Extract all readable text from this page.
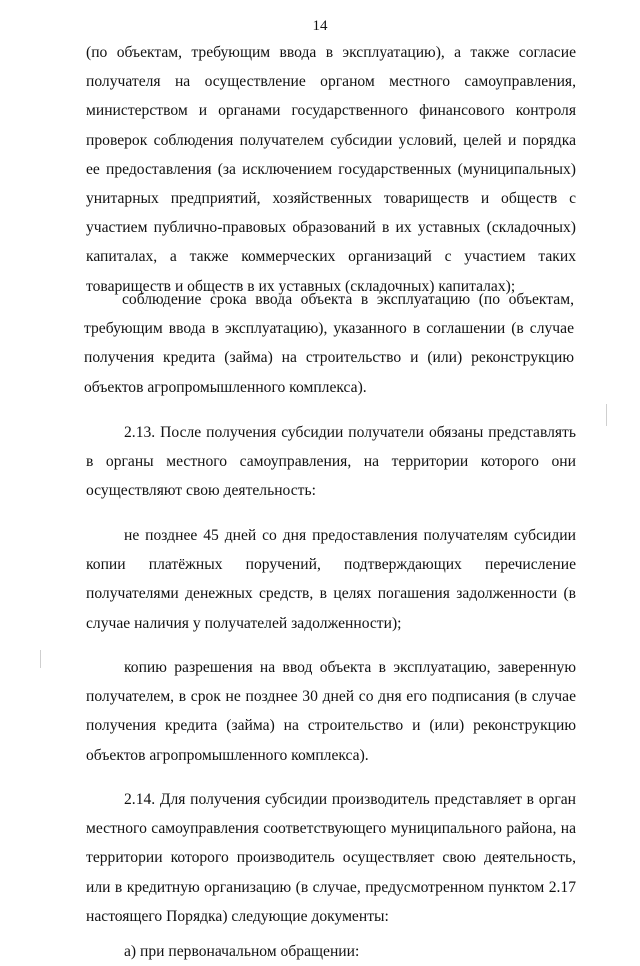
14

(по объектам, требующим ввода в эксплуатацию), а также согласие получателя на осуществление органом местного самоуправления, министерством и органами государственного финансового контроля проверок соблюдения получателем субсидии условий, целей и порядка ее предоставления (за исключением государственных (муниципальных) унитарных предприятий, хозяйственных товариществ и обществ с участием публично-правовых образований в их уставных (складочных) капиталах, а также коммерческих организаций с участием таких товариществ и обществ в их уставных (складочных) капиталах);

соблюдение срока ввода объекта в эксплуатацию (по объектам, требующим ввода в эксплуатацию), указанного в соглашении (в случае получения кредита (займа) на строительство и (или) реконструкцию объектов агропромышленного комплекса).

2.13. После получения субсидии получатели обязаны представлять в органы местного самоуправления, на территории которого они осуществляют свою деятельность:

не позднее 45 дней со дня предоставления получателям субсидии копии платёжных поручений, подтверждающих перечисление получателями денежных средств, в целях погашения задолженности (в случае наличия у получателей задолженности);

копию разрешения на ввод объекта в эксплуатацию, заверенную получателем, в срок не позднее 30 дней со дня его подписания (в случае получения кредита (займа) на строительство и (или) реконструкцию объектов агропромышленного комплекса).

2.14. Для получения субсидии производитель представляет в орган местного самоуправления соответствующего муниципального района, на территории которого производитель осуществляет свою деятельность, или в кредитную организацию (в случае, предусмотренном пунктом 2.17 настоящего Порядка) следующие документы:

а) при первоначальном обращении:
